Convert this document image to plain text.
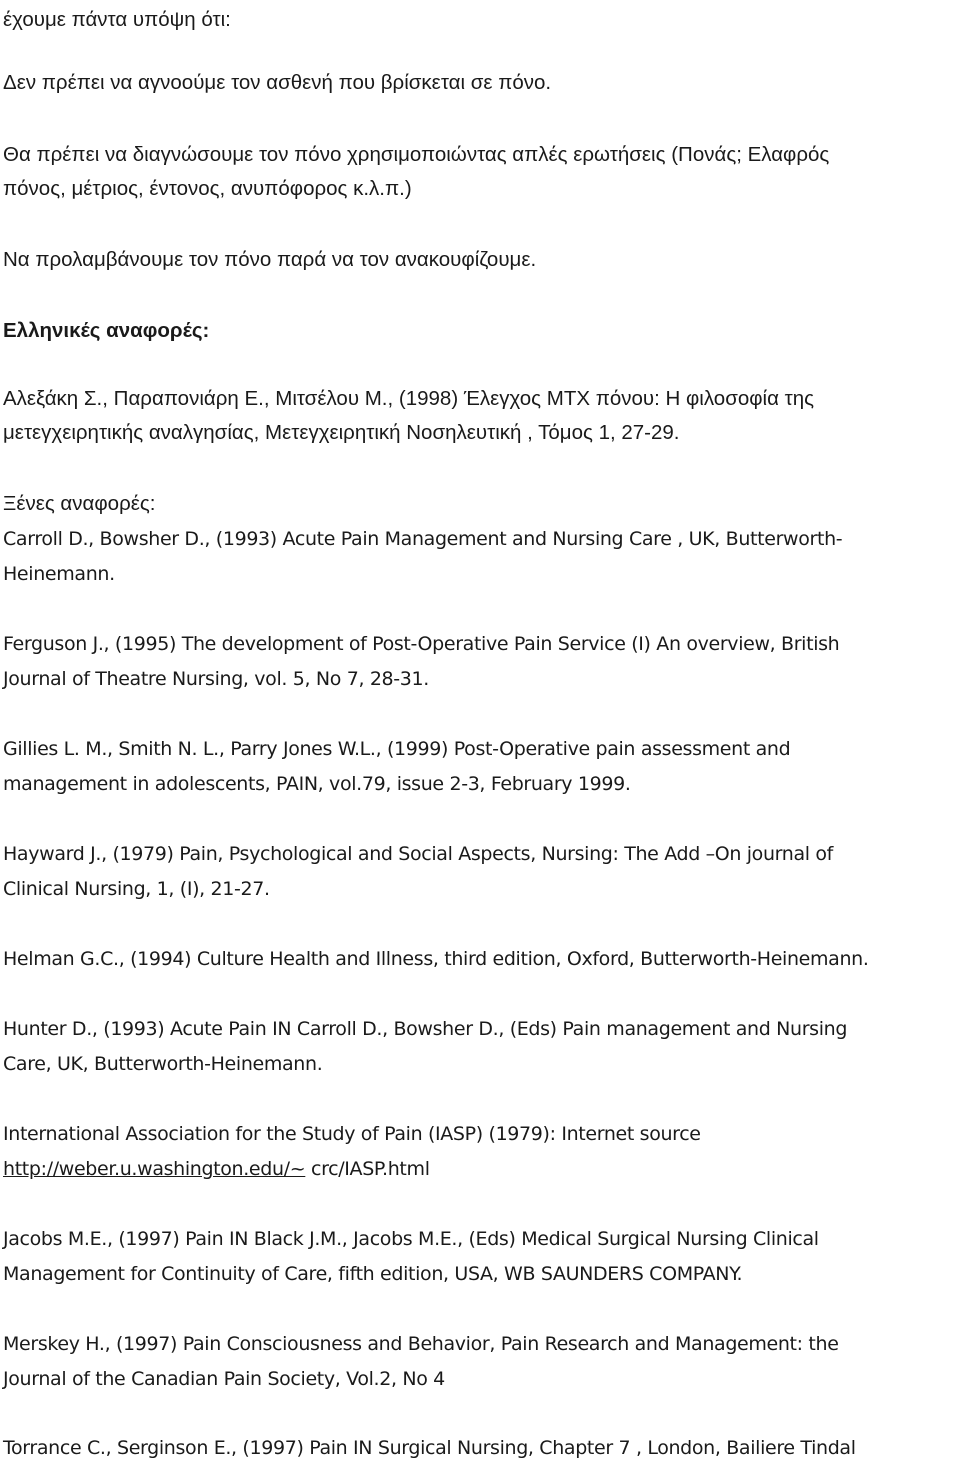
έχουμε πάντα υπόψη ότι:
Δεν πρέπει να αγνοούμε τον ασθενή που βρίσκεται σε πόνο.
Θα πρέπει να διαγνώσουμε τον πόνο χρησιμοποιώντας απλές ερωτήσεις (Πονάς; Ελαφρός
πόνος, μέτριος, έντονος, ανυπόφορος κ.λ.π.)
Να προλαμβάνουμε τον πόνο παρά να τον ανακουφίζουμε.
Ελληνικές αναφορές:
Αλεξάκη Σ., Παραπονιάρη Ε., Μιτσέλου Μ., (1998) Έλεγχος ΜΤΧ πόνου: Η φιλοσοφία της
μετεγχειρητικής αναλγησίας, Μετεγχειρητική Νοσηλευτική , Τόμος 1, 27-29.
Ξένες αναφορές:
Carroll D., Bowsher D., (1993) Acute Pain Management and Nursing Care , UK, Butterworth-
Heinemann.
Ferguson J., (1995) The development of Post-Operative Pain Service (I) An overview, British
Journal of Theatre Nursing, vol. 5, No 7, 28-31.
Gillies L. M., Smith N. L., Parry Jones W.L., (1999) Post-Operative pain assessment and
management in adolescents, PAIN, vol.79, issue 2-3, February 1999.
Hayward J., (1979) Pain, Psychological and Social Aspects, Nursing: The Add –On journal of
Clinical Nursing, 1, (I), 21-27.
Helman G.C., (1994) Culture Health and Illness, third edition, Oxford, Butterworth-Heinemann.
Hunter D., (1993) Acute Pain IN Carroll D., Bowsher D., (Eds) Pain management and Nursing
Care, UK, Butterworth-Heinemann.
International Association for the Study of Pain (IASP) (1979): Internet source
http://weber.u.washington.edu/~ crc/IASP.html
Jacobs M.E., (1997) Pain IN Black J.M., Jacobs M.E., (Eds) Medical Surgical Nursing Clinical
Management for Continuity of Care, fifth edition, USA, WB SAUNDERS COMPANY.
Merskey H., (1997) Pain Consciousness and Behavior, Pain Research and Management: the
Journal of the Canadian Pain Society, Vol.2, No 4
Torrance C., Serginson E., (1997) Pain IN Surgical Nursing, Chapter 7 , London, Bailiere Tindal
